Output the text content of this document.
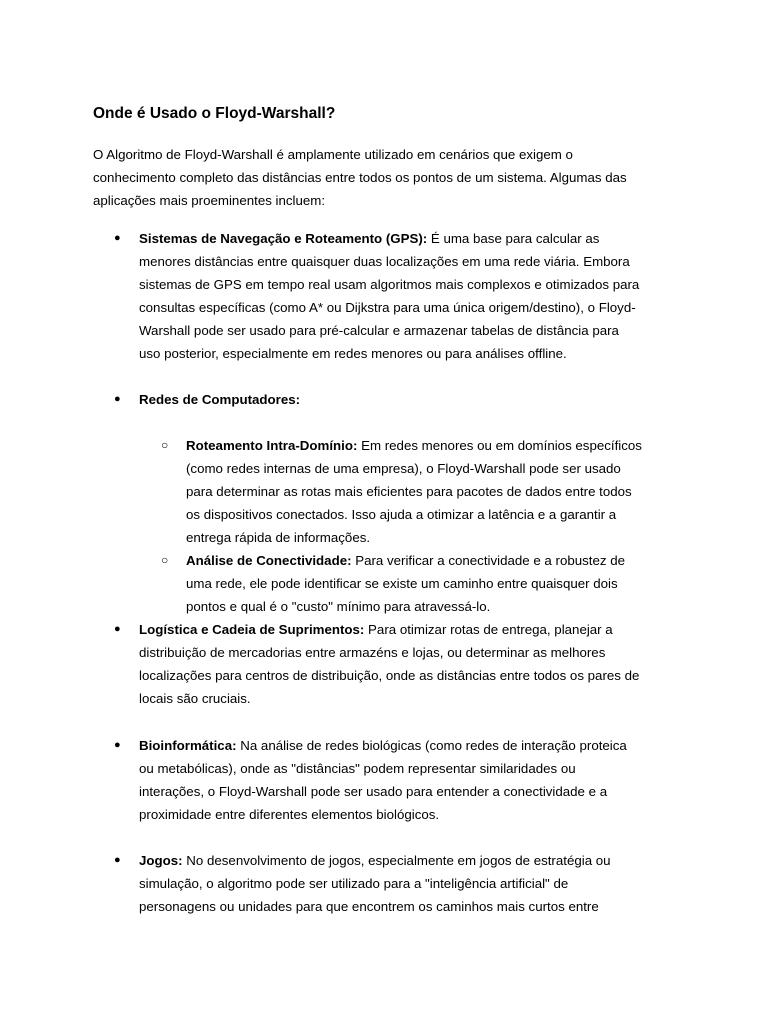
Onde é Usado o Floyd-Warshall?

O Algoritmo de Floyd-Warshall é amplamente utilizado em cenários que exigem o
conhecimento completo das distâncias entre todos os pontos de um sistema. Algumas das
aplicações mais proeminentes incluem:

● Sistemas de Navegação e Roteamento (GPS): É uma base para calcular as
menores distâncias entre quaisquer duas localizações em uma rede viária. Embora
sistemas de GPS em tempo real usam algoritmos mais complexos e otimizados para
consultas específicas (como A* ou Dijkstra para uma única origem/destino), o Floyd-
Warshall pode ser usado para pré-calcular e armazenar tabelas de distância para
uso posterior, especialmente em redes menores ou para análises offline.
● Redes de Computadores:
○ Roteamento Intra-Domínio: Em redes menores ou em domínios específicos
(como redes internas de uma empresa), o Floyd-Warshall pode ser usado
para determinar as rotas mais eficientes para pacotes de dados entre todos
os dispositivos conectados. Isso ajuda a otimizar a latência e a garantir a
entrega rápida de informações.
○ Análise de Conectividade: Para verificar a conectividade e a robustez de
uma rede, ele pode identificar se existe um caminho entre quaisquer dois
pontos e qual é o "custo" mínimo para atravessá-lo.
● Logística e Cadeia de Suprimentos: Para otimizar rotas de entrega, planejar a
distribuição de mercadorias entre armazéns e lojas, ou determinar as melhores
localizações para centros de distribuição, onde as distâncias entre todos os pares de
locais são cruciais.
● Bioinformática: Na análise de redes biológicas (como redes de interação proteica
ou metabólicas), onde as "distâncias" podem representar similaridades ou
interações, o Floyd-Warshall pode ser usado para entender a conectividade e a
proximidade entre diferentes elementos biológicos.
● Jogos: No desenvolvimento de jogos, especialmente em jogos de estratégia ou
simulação, o algoritmo pode ser utilizado para a "inteligência artificial" de
personagens ou unidades para que encontrem os caminhos mais curtos entre
